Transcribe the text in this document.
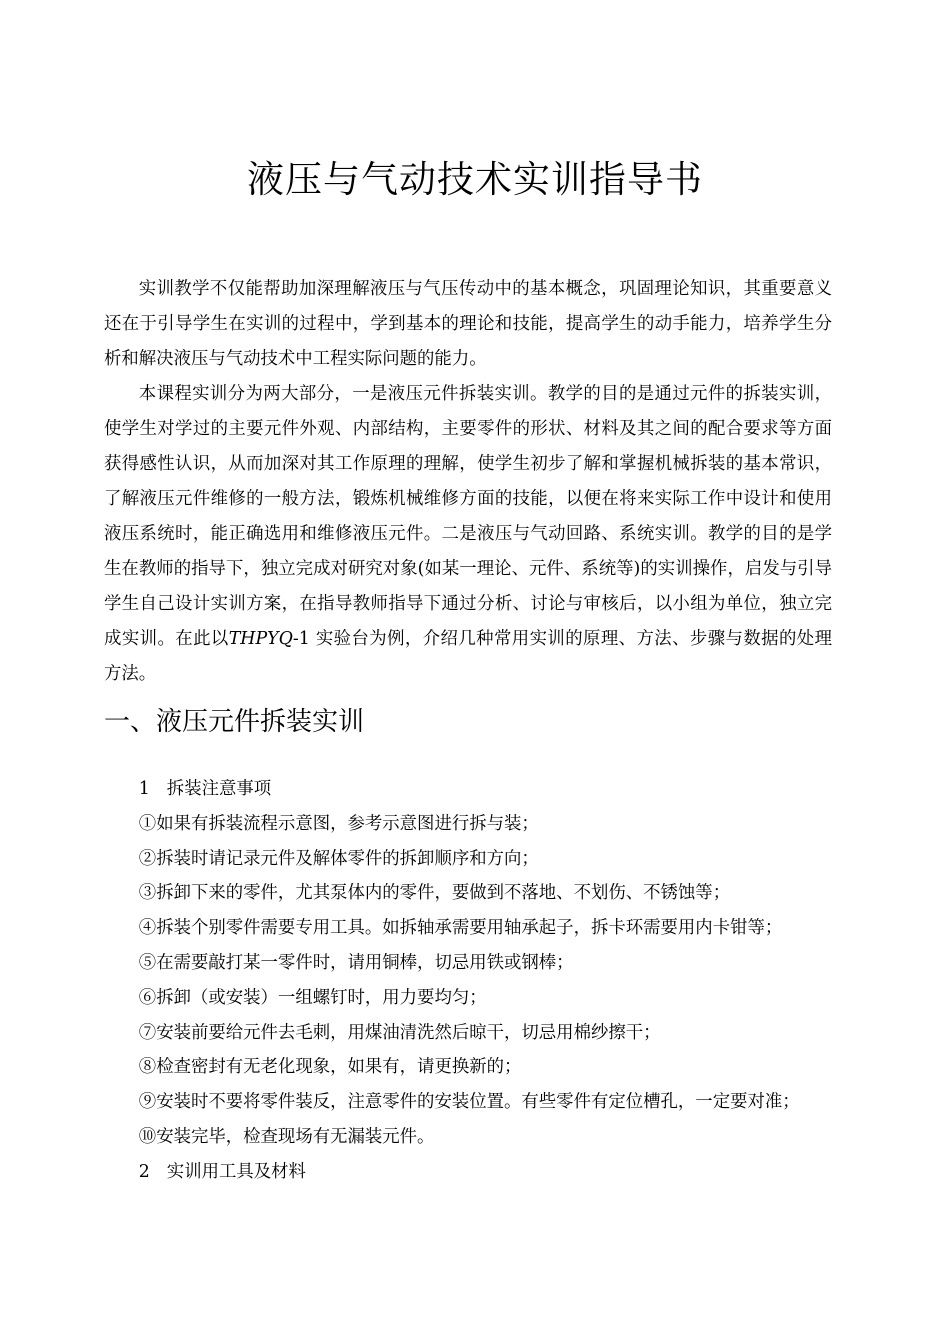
液压与气动技术实训指导书

实训教学不仅能帮助加深理解液压与气压传动中的基本概念，巩固理论知识，其重要意义还在于引导学生在实训的过程中，学到基本的理论和技能，提高学生的动手能力，培养学生分析和解决液压与气动技术中工程实际问题的能力。

本课程实训分为两大部分，一是液压元件拆装实训。教学的目的是通过元件的拆装实训，使学生对学过的主要元件外观、内部结构，主要零件的形状、材料及其之间的配合要求等方面获得感性认识，从而加深对其工作原理的理解，使学生初步了解和掌握机械拆装的基本常识，了解液压元件维修的一般方法，锻炼机械维修方面的技能，以便在将来实际工作中设计和使用液压系统时，能正确选用和维修液压元件。二是液压与气动回路、系统实训。教学的目的是学生在教师的指导下，独立完成对研究对象(如某一理论、元件、系统等)的实训操作，启发与引导学生自己设计实训方案，在指导教师指导下通过分析、讨论与审核后，以小组为单位，独立完成实训。在此以THPYQ-1 实验台为例，介绍几种常用实训的原理、方法、步骤与数据的处理方法。

一、液压元件拆装实训

1 拆装注意事项

①如果有拆装流程示意图，参考示意图进行拆与装；

②拆装时请记录元件及解体零件的拆卸顺序和方向；

③拆卸下来的零件，尤其泵体内的零件，要做到不落地、不划伤、不锈蚀等；

④拆装个别零件需要专用工具。如拆轴承需要用轴承起子，拆卡环需要用内卡钳等；

⑤在需要敲打某一零件时，请用铜棒，切忌用铁或钢棒；

⑥拆卸（或安装）一组螺钉时，用力要均匀；

⑦安装前要给元件去毛刺，用煤油清洗然后晾干，切忌用棉纱擦干；

⑧检查密封有无老化现象，如果有，请更换新的；

⑨安装时不要将零件装反，注意零件的安装位置。有些零件有定位槽孔，一定要对准；

⑩安装完毕，检查现场有无漏装元件。

2 实训用工具及材料
